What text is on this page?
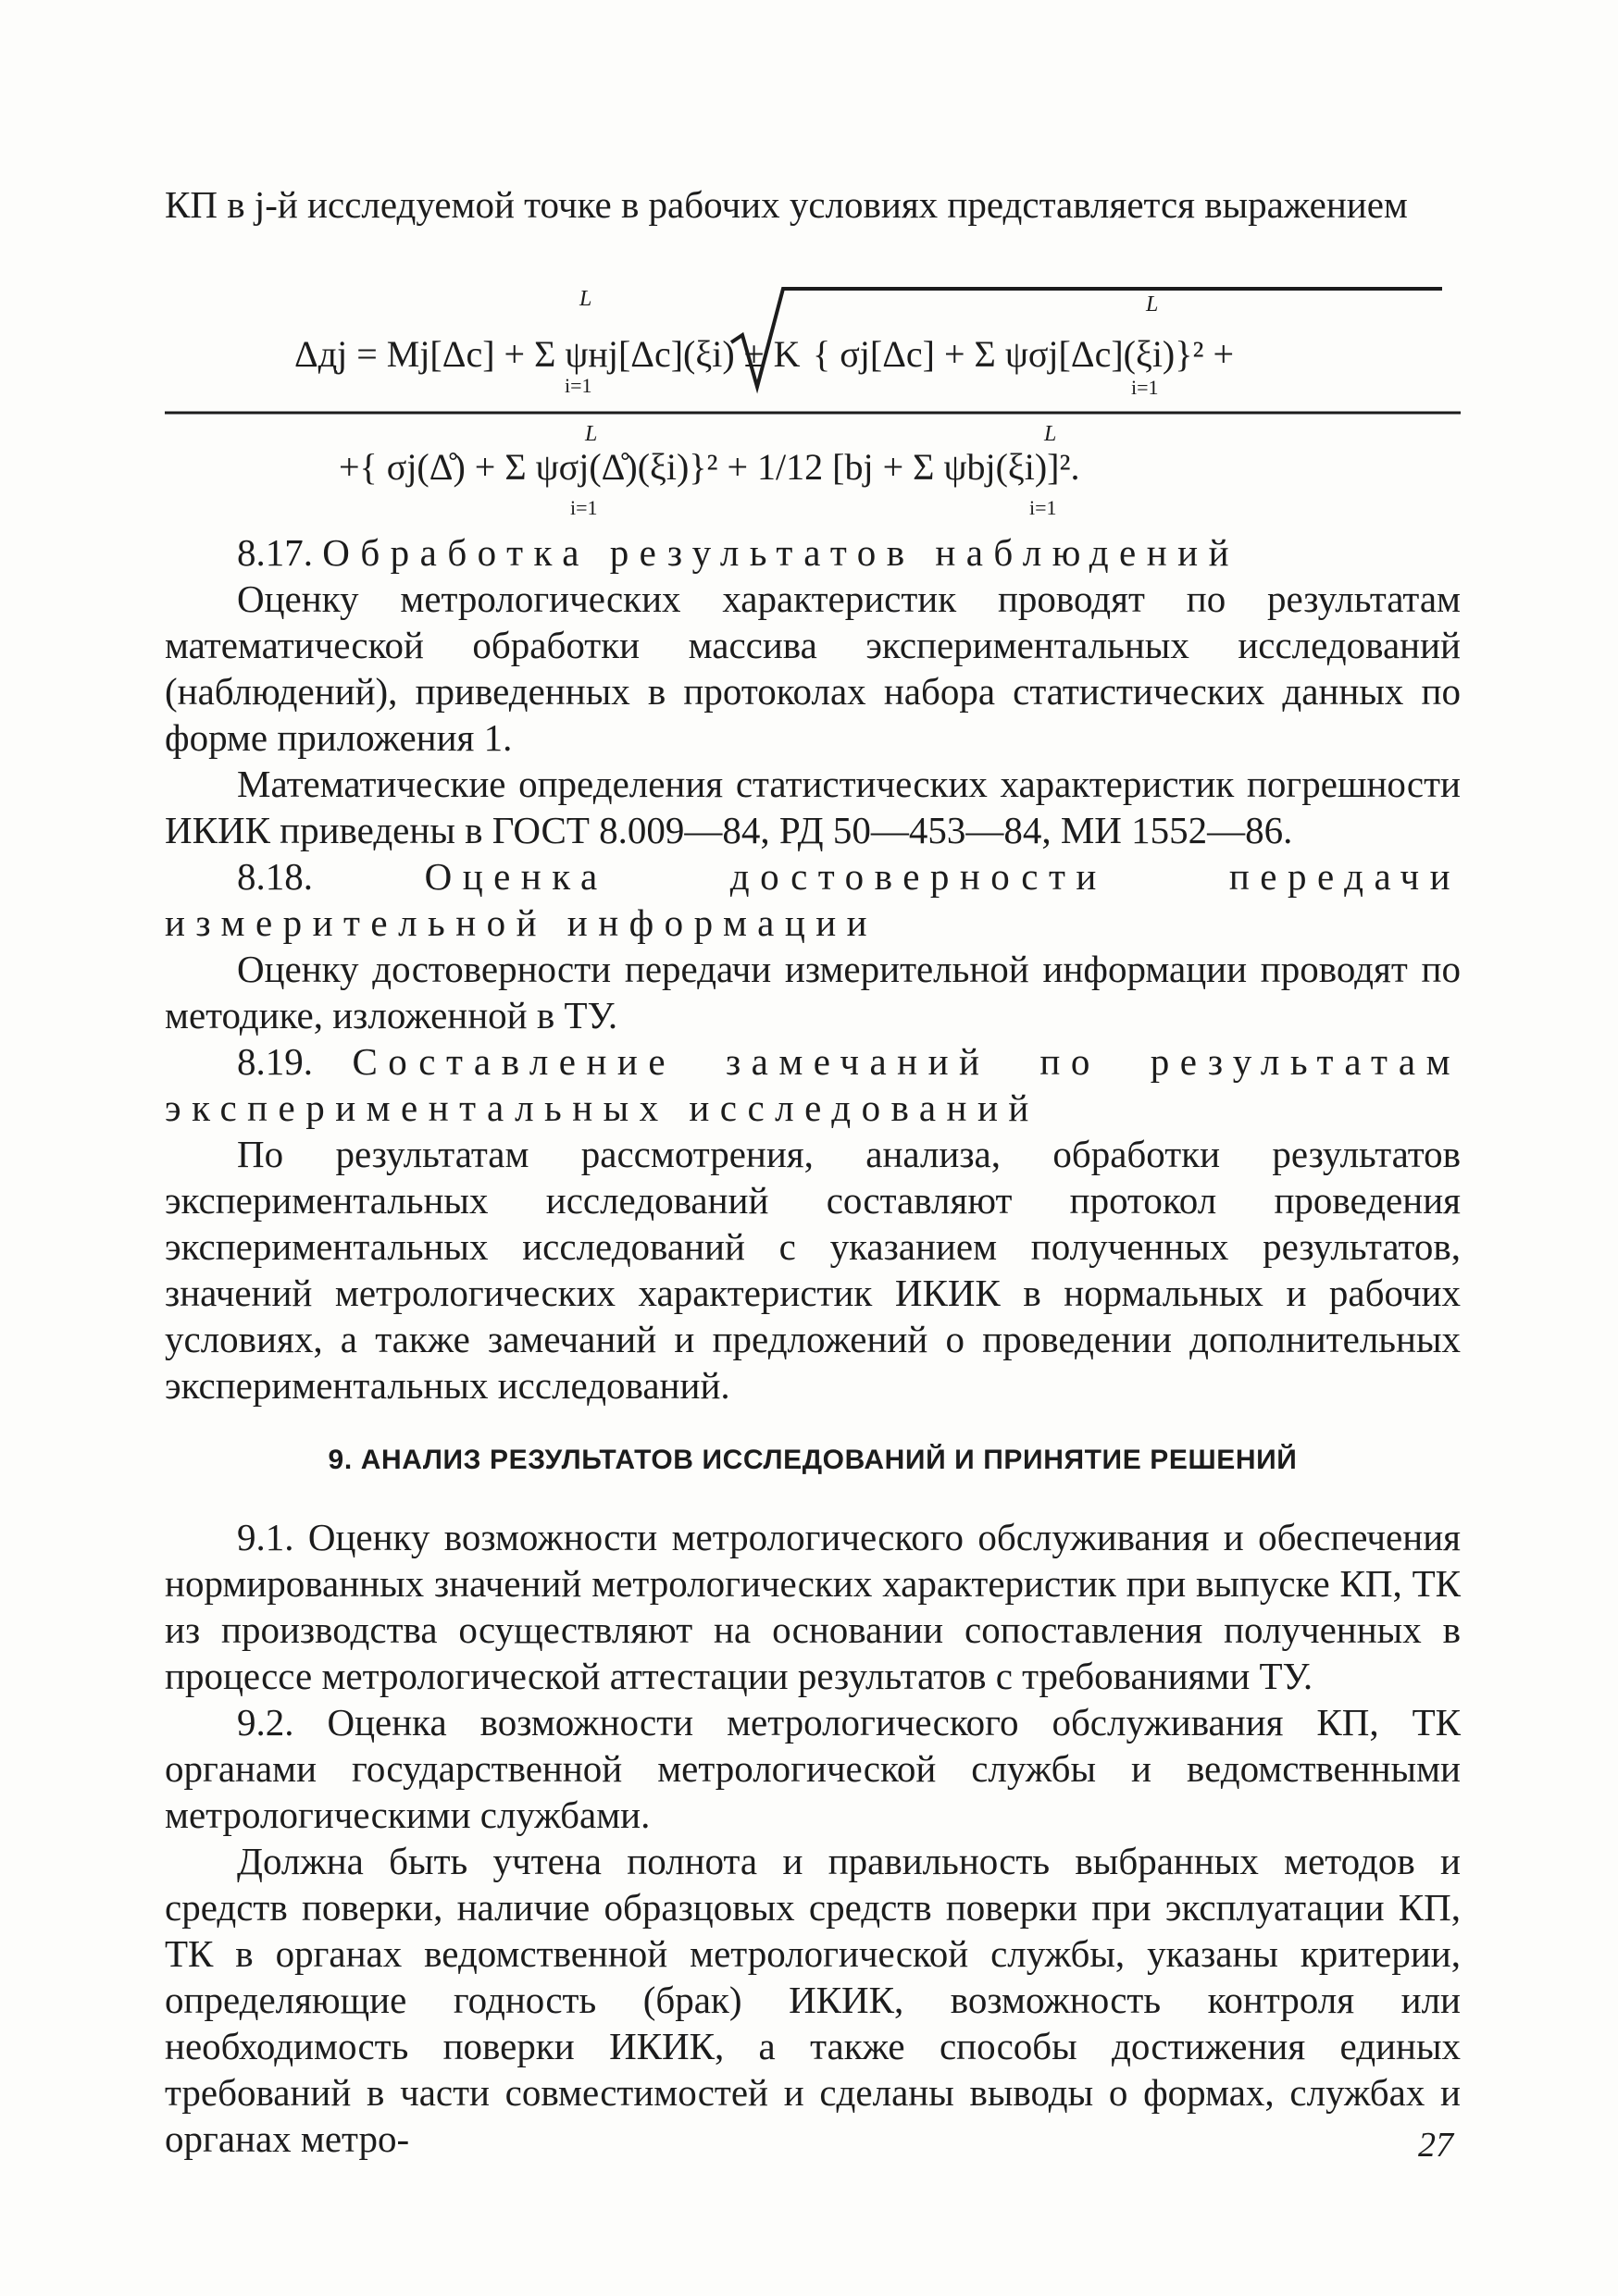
КП в j-й исследуемой точке в рабочих условиях представляется выражением

Δдj = Mj[Δc] + Σ ψнj[Δc](ξi) ± K { σj[Δc] + Σ ψσj[Δc](ξi)}² +
L
i=1
L
i=1
+{ σj(Δ̊) + Σ ψσj(Δ̊)(ξi)}² + 1/12 [bj + Σ ψbj(ξi)]².
L
i=1
L
i=1

8.17. Обработка результатов наблюдений

Оценку метрологических характеристик проводят по результатам математической обработки массива экспериментальных исследований (наблюдений), приведенных в протоколах набора статистических данных по форме приложения 1.

Математические определения статистических характеристик погрешности ИКИК приведены в ГОСТ 8.009—84, РД 50—453—84, МИ 1552—86.

8.18.	Оценка достоверности передачи измерительной информации

Оценку достоверности передачи измерительной информации проводят по методике, изложенной в ТУ.

8.19. Составление замечаний по результатам экспериментальных исследований

По результатам рассмотрения, анализа, обработки результатов экспериментальных исследований составляют протокол проведения экспериментальных исследований с указанием полученных результатов, значений метрологических характеристик ИКИК в нормальных и рабочих условиях, а также замечаний и предложений о проведении дополнительных экспериментальных исследований.

9. АНАЛИЗ РЕЗУЛЬТАТОВ ИССЛЕДОВАНИЙ И ПРИНЯТИЕ РЕШЕНИЙ

9.1. Оценку возможности метрологического обслуживания и обеспечения нормированных значений метрологических характеристик при выпуске КП, ТК из производства осуществляют на основании сопоставления полученных в процессе метрологической аттестации результатов с требованиями ТУ.

9.2. Оценка возможности метрологического обслуживания КП, ТК органами государственной метрологической службы и ведомственными метрологическими службами.

Должна быть учтена полнота и правильность выбранных методов и средств поверки, наличие образцовых средств поверки при эксплуатации КП, ТК в органах ведомственной метрологической службы, указаны критерии, определяющие годность (брак) ИКИК, возможность контроля или необходимость поверки ИКИК, а также способы достижения единых требований в части совместимостей и сделаны выводы о формах, службах и органах метро-	27
